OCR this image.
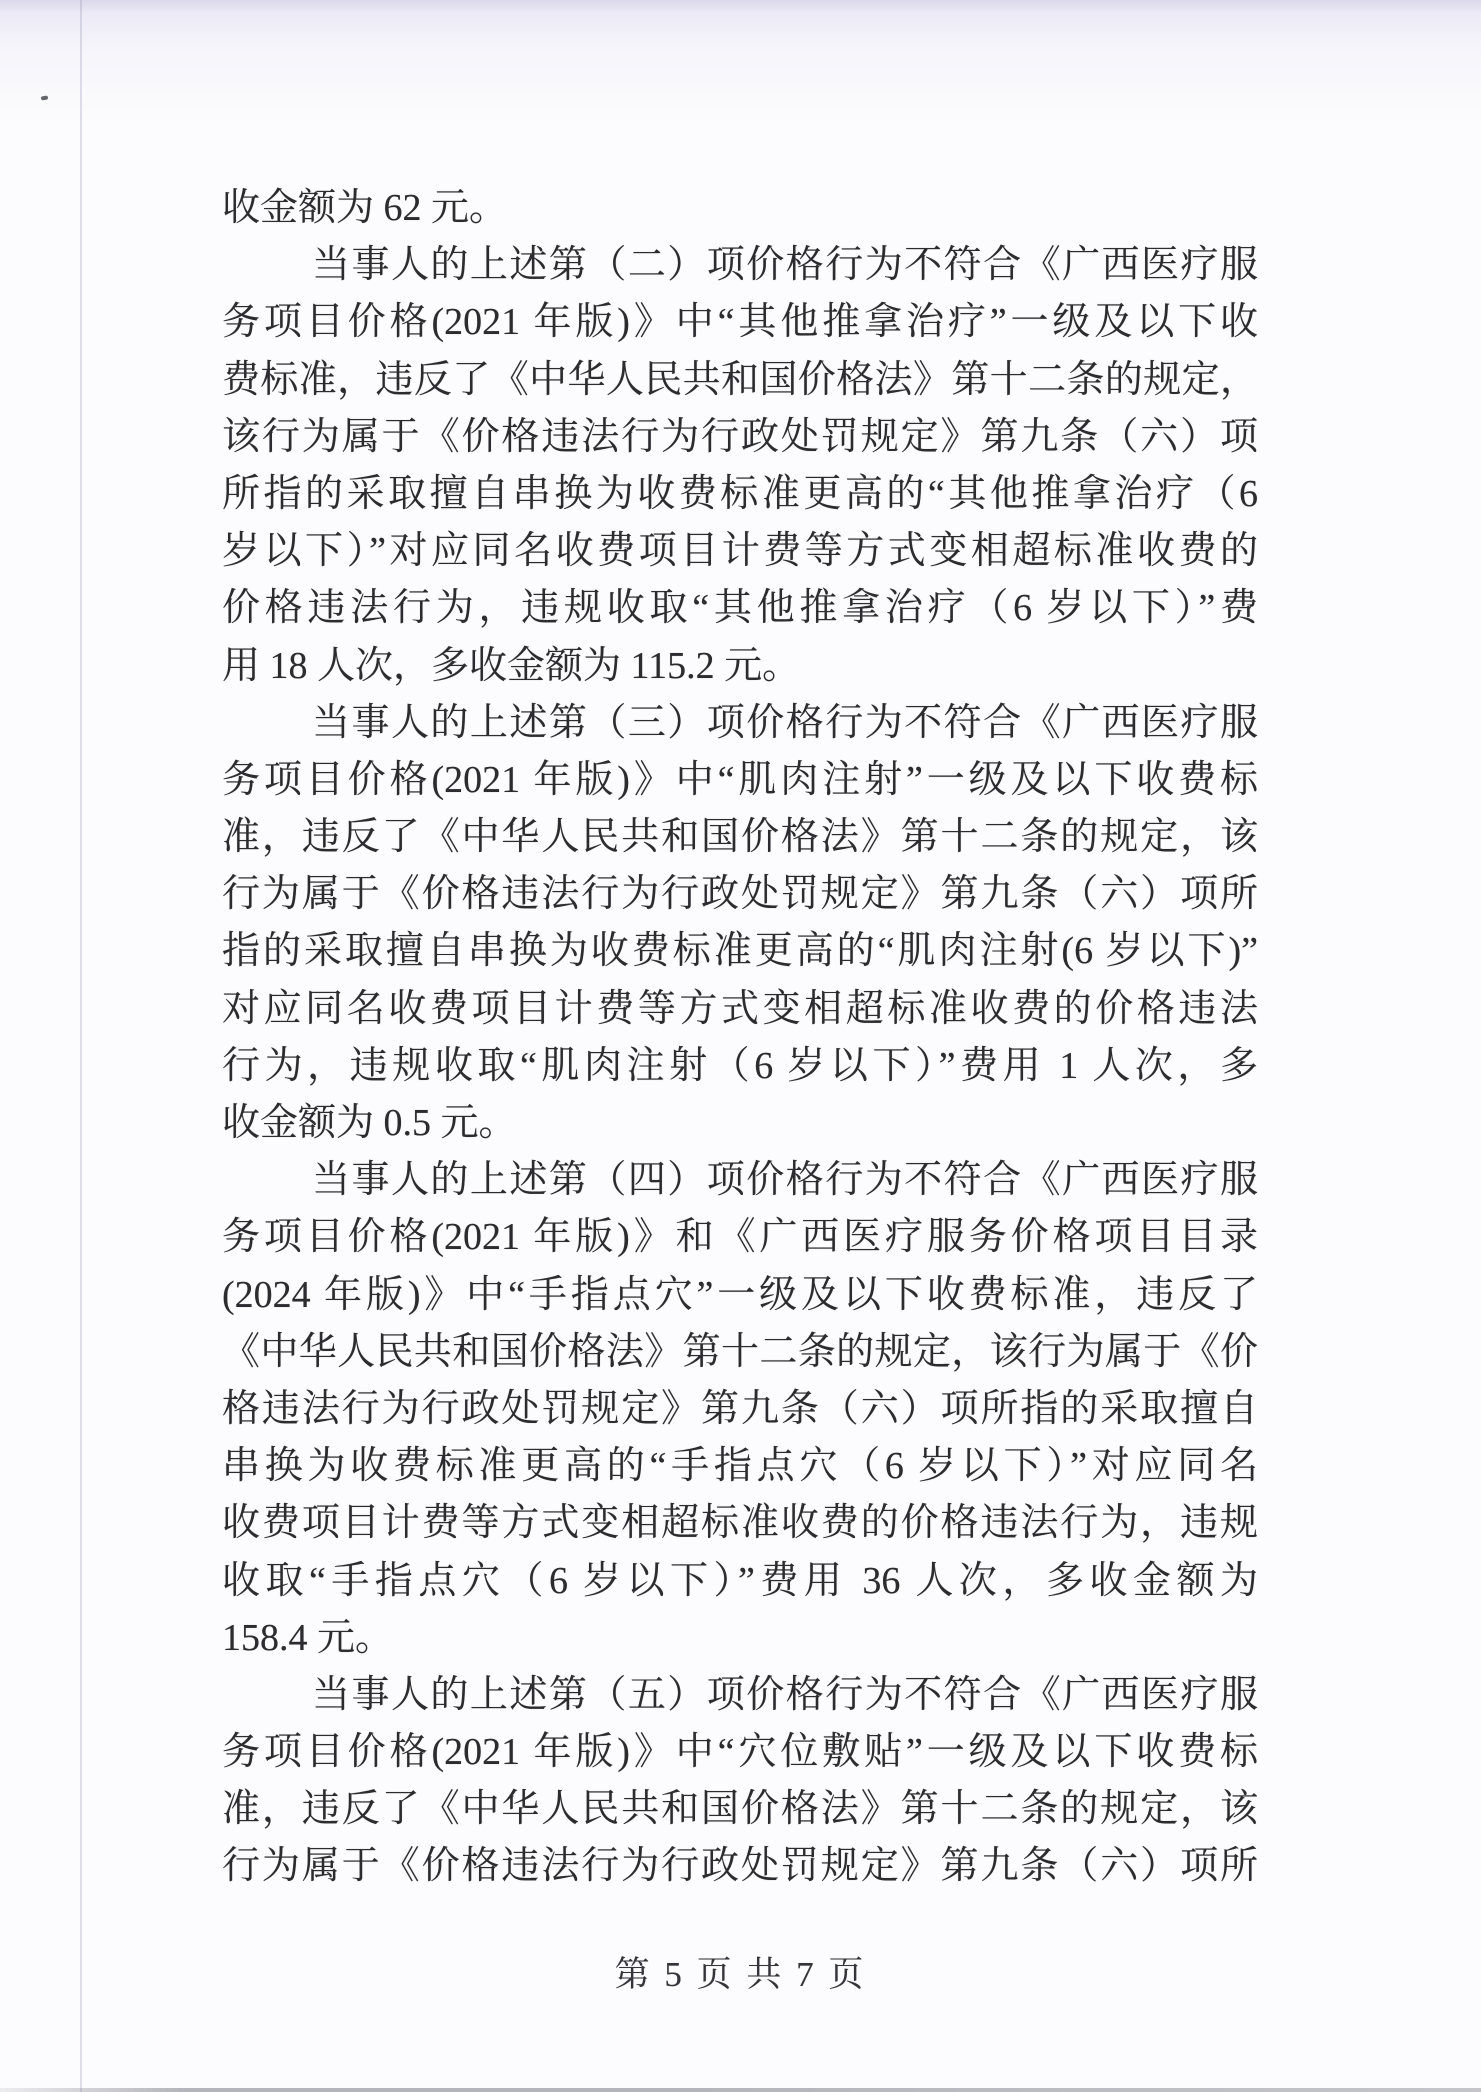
收金额为 62 元。
当事人的上述第（二）项价格行为不符合《广西医疗服
务项目价格(2021 年版)》中“其他推拿治疗”一级及以下收
费标准，违反了《中华人民共和国价格法》第十二条的规定，
该行为属于《价格违法行为行政处罚规定》第九条（六）项
所指的采取擅自串换为收费标准更高的“其他推拿治疗（6
岁以下）”对应同名收费项目计费等方式变相超标准收费的
价格违法行为，违规收取“其他推拿治疗（6 岁以下）”费
用 18 人次，多收金额为 115.2 元。
当事人的上述第（三）项价格行为不符合《广西医疗服
务项目价格(2021 年版)》中“肌肉注射”一级及以下收费标
准，违反了《中华人民共和国价格法》第十二条的规定，该
行为属于《价格违法行为行政处罚规定》第九条（六）项所
指的采取擅自串换为收费标准更高的“肌肉注射(6 岁以下)”
对应同名收费项目计费等方式变相超标准收费的价格违法
行为，违规收取“肌肉注射（6 岁以下）”费用 1 人次，多
收金额为 0.5 元。
当事人的上述第（四）项价格行为不符合《广西医疗服
务项目价格(2021 年版)》和《广西医疗服务价格项目目录
(2024 年版)》中“手指点穴”一级及以下收费标准，违反了
《中华人民共和国价格法》第十二条的规定，该行为属于《价
格违法行为行政处罚规定》第九条（六）项所指的采取擅自
串换为收费标准更高的“手指点穴（6 岁以下）”对应同名
收费项目计费等方式变相超标准收费的价格违法行为，违规
收取“手指点穴（6 岁以下）”费用 36 人次，多收金额为
158.4 元。
当事人的上述第（五）项价格行为不符合《广西医疗服
务项目价格(2021 年版)》中“穴位敷贴”一级及以下收费标
准，违反了《中华人民共和国价格法》第十二条的规定，该
行为属于《价格违法行为行政处罚规定》第九条（六）项所
第 5 页 共 7 页
